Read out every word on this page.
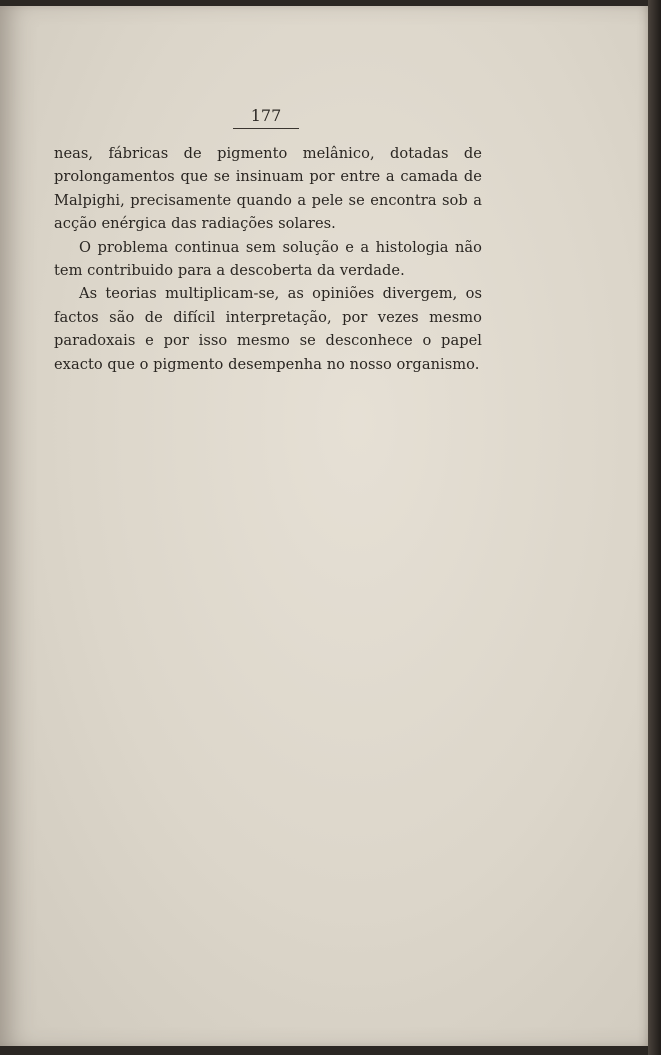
177

neas, fábricas de pigmento melânico, dotadas de prolongamentos que se insinuam por entre a camada de Malpighi, precisamente quando a pele se encontra sob a acção enérgica das radiações solares.

O problema continua sem solução e a histologia não tem contribuido para a descoberta da verdade.

As teorias multiplicam-se, as opiniões divergem, os factos são de difícil interpretação, por vezes mesmo paradoxais e por isso mesmo se desconhece o papel exacto que o pigmento desempenha no nosso organismo.
